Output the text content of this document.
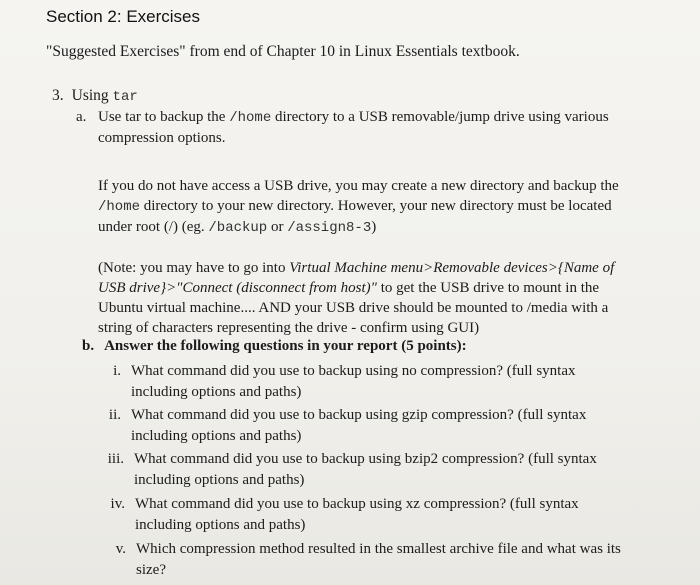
Section 2: Exercises

"Suggested Exercises" from end of Chapter 10 in Linux Essentials textbook.

3. Using tar
a. Use tar to backup the /home directory to a USB removable/jump drive using various
compression options.

If you do not have access a USB drive, you may create a new directory and backup the
/home directory to your new directory. However, your new directory must be located
under root (/) (eg. /backup or /assign8-3)

(Note: you may have to go into Virtual Machine menu>Removable devices>{Name of
USB drive}>"Connect (disconnect from host)" to get the USB drive to mount in the
Ubuntu virtual machine.... AND your USB drive should be mounted to /media with a
string of characters representing the drive - confirm using GUI)

b. Answer the following questions in your report (5 points):
i. What command did you use to backup using no compression? (full syntax
including options and paths)
ii. What command did you use to backup using gzip compression? (full syntax
including options and paths)
iii. What command did you use to backup using bzip2 compression? (full syntax
including options and paths)
iv. What command did you use to backup using xz compression? (full syntax
including options and paths)
v. Which compression method resulted in the smallest archive file and what was its
size?
